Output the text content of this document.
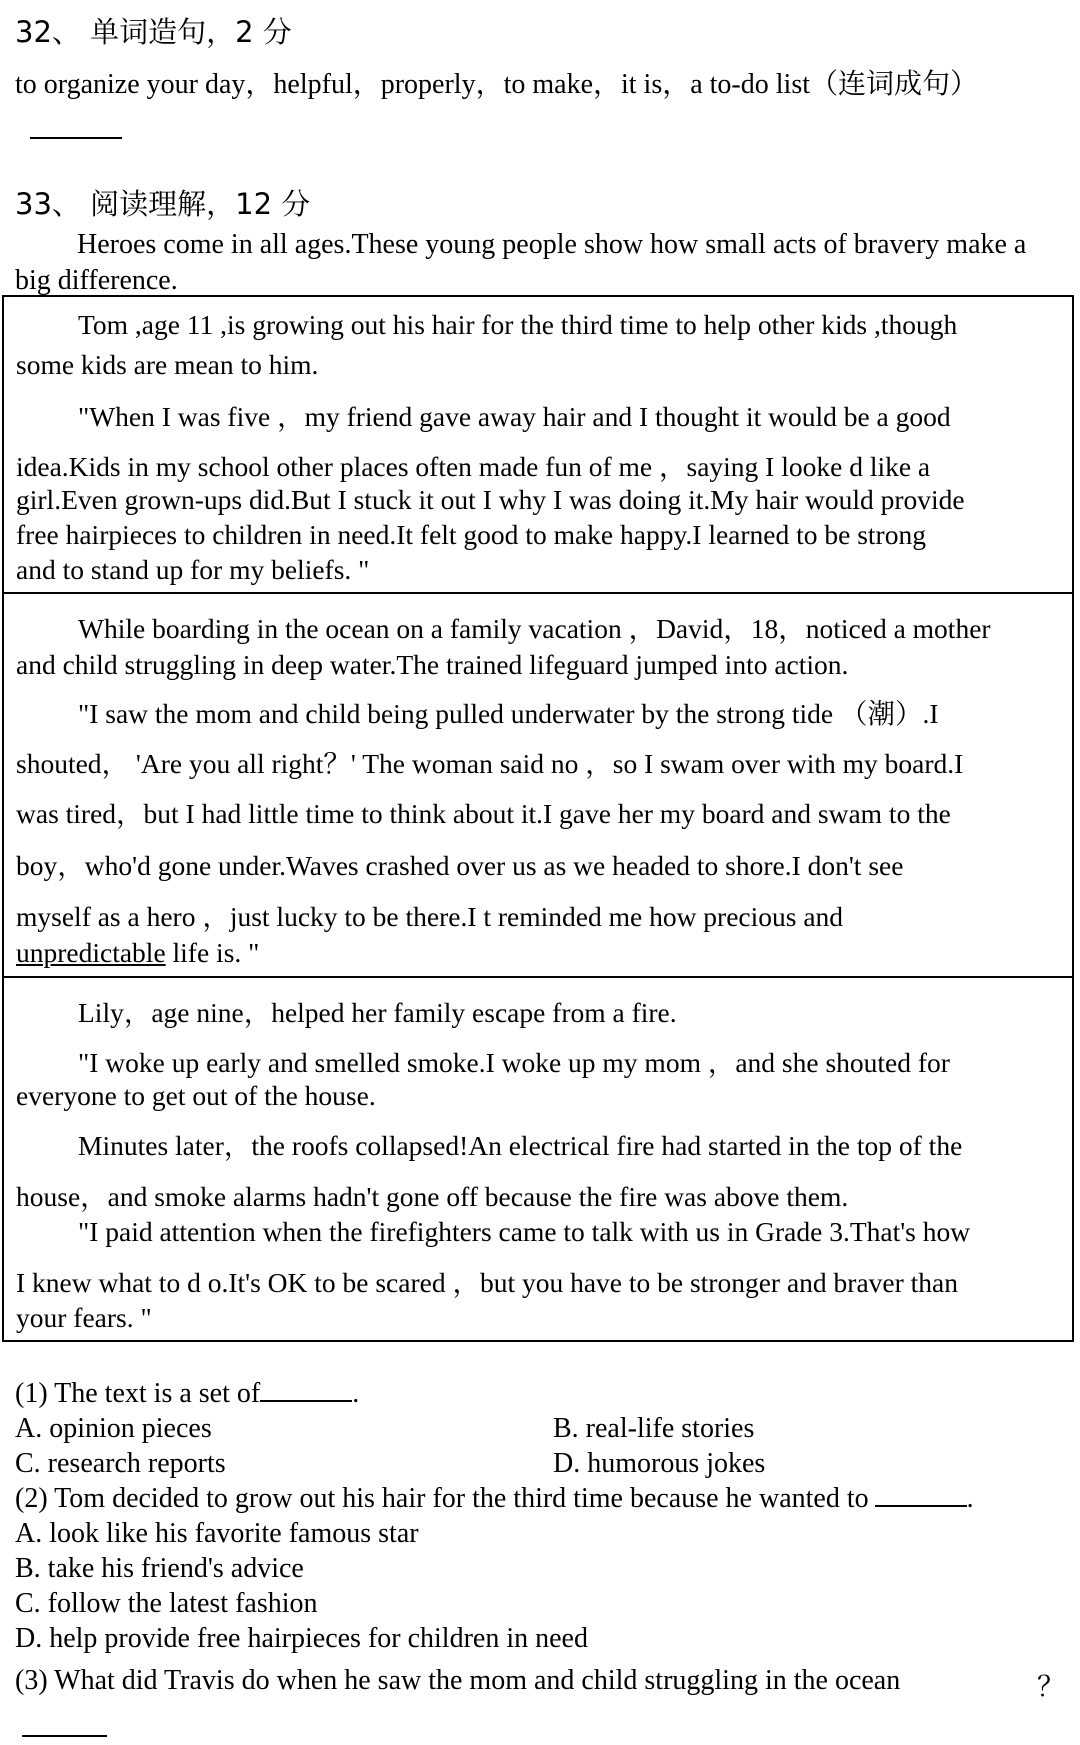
32、 单词造句，2 分
to organize your day，helpful，properly，to make，it is，a to-do list（连词成句）
33、 阅读理解，12 分
Heroes come in all ages.These young people show how small acts of bravery make a big difference.
Tom ,age 11 ,is growing out his hair for the third time to help other kids ,though
some kids are mean to him.
"When I was five ，my friend gave away hair and I thought it would be a good
idea.Kids in my school other places often made fun of me ，saying I looke d like a
girl.Even grown-ups did.But I stuck it out I why I was doing it.My hair would provide
free hairpieces to children in need.It felt good to make happy.I learned to be strong
and to stand up for my beliefs. "
While boarding in the ocean on a family vacation ，David，18，noticed a mother
and child struggling in deep water.The trained lifeguard jumped into action.
"I saw the mom and child being pulled underwater by the strong tide （潮）.I
shouted， 'Are you all right？' The woman said no ，so I swam over with my board.I
was tired，but I had little time to think about it.I gave her my board and swam to the
boy，who'd gone under.Waves crashed over us as we headed to shore.I don't see
myself as a hero ，just lucky to be there.I t reminded me how precious and
unpredictable life is. "
Lily，age nine，helped her family escape from a fire.
"I woke up early and smelled smoke.I woke up my mom ，and she shouted for
everyone to get out of the house.
Minutes later，the roofs collapsed!An electrical fire had started in the top of the
house，and smoke alarms hadn't gone off because the fire was above them.
"I paid attention when the firefighters came to talk with us in Grade 3.That's how
I knew what to d o.It's OK to be scared ，but you have to be stronger and braver than
your fears. "
(1) The text is a set of	.
A. opinion pieces	B. real-life stories
C. research reports	D. humorous jokes
(2) Tom decided to grow out his hair for the third time because he wanted to	.
A. look like his favorite famous star
B. take his friend's advice
C. follow the latest fashion
D. help provide free hairpieces for children in need
(3) What did Travis do when he saw the mom and child struggling in the ocean	？
